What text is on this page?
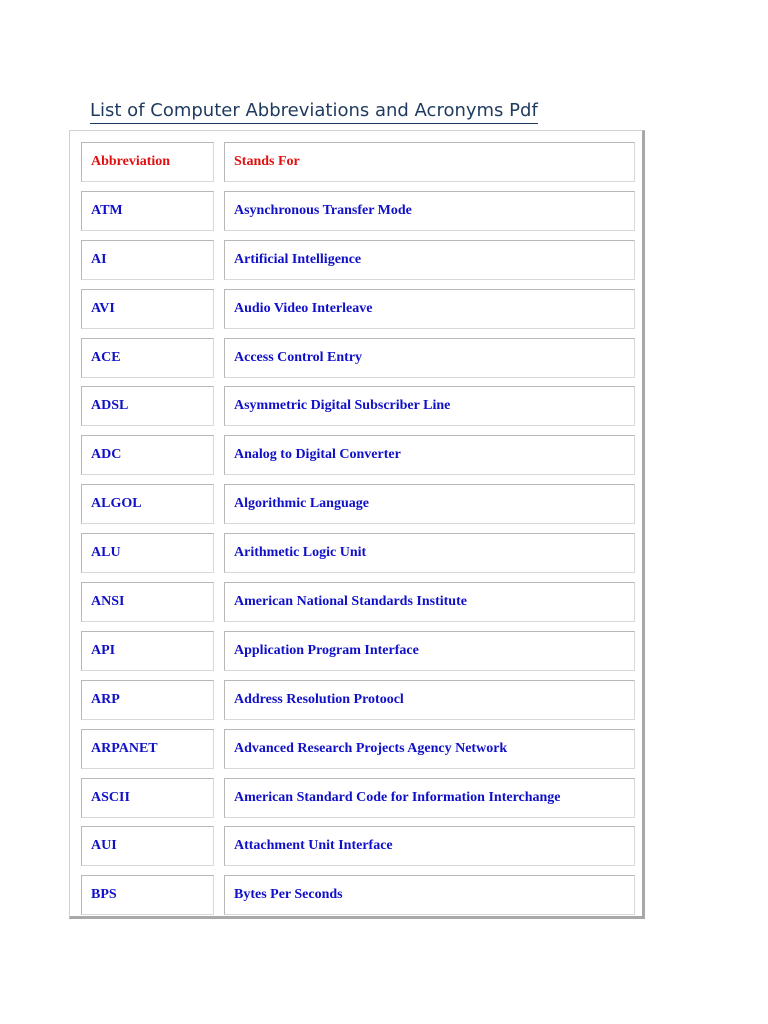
List of Computer Abbreviations and Acronyms Pdf
Abbreviation	Stands For
ATM	Asynchronous Transfer Mode
AI	Artificial Intelligence
AVI	Audio Video Interleave
ACE	Access Control Entry
ADSL	Asymmetric Digital Subscriber Line
ADC	Analog to Digital Converter
ALGOL	Algorithmic Language
ALU	Arithmetic Logic Unit
ANSI	American National Standards Institute
API	Application Program Interface
ARP	Address Resolution Protoocl
ARPANET	Advanced Research Projects Agency Network
ASCII	American Standard Code for Information Interchange
AUI	Attachment Unit Interface
BPS	Bytes Per Seconds
